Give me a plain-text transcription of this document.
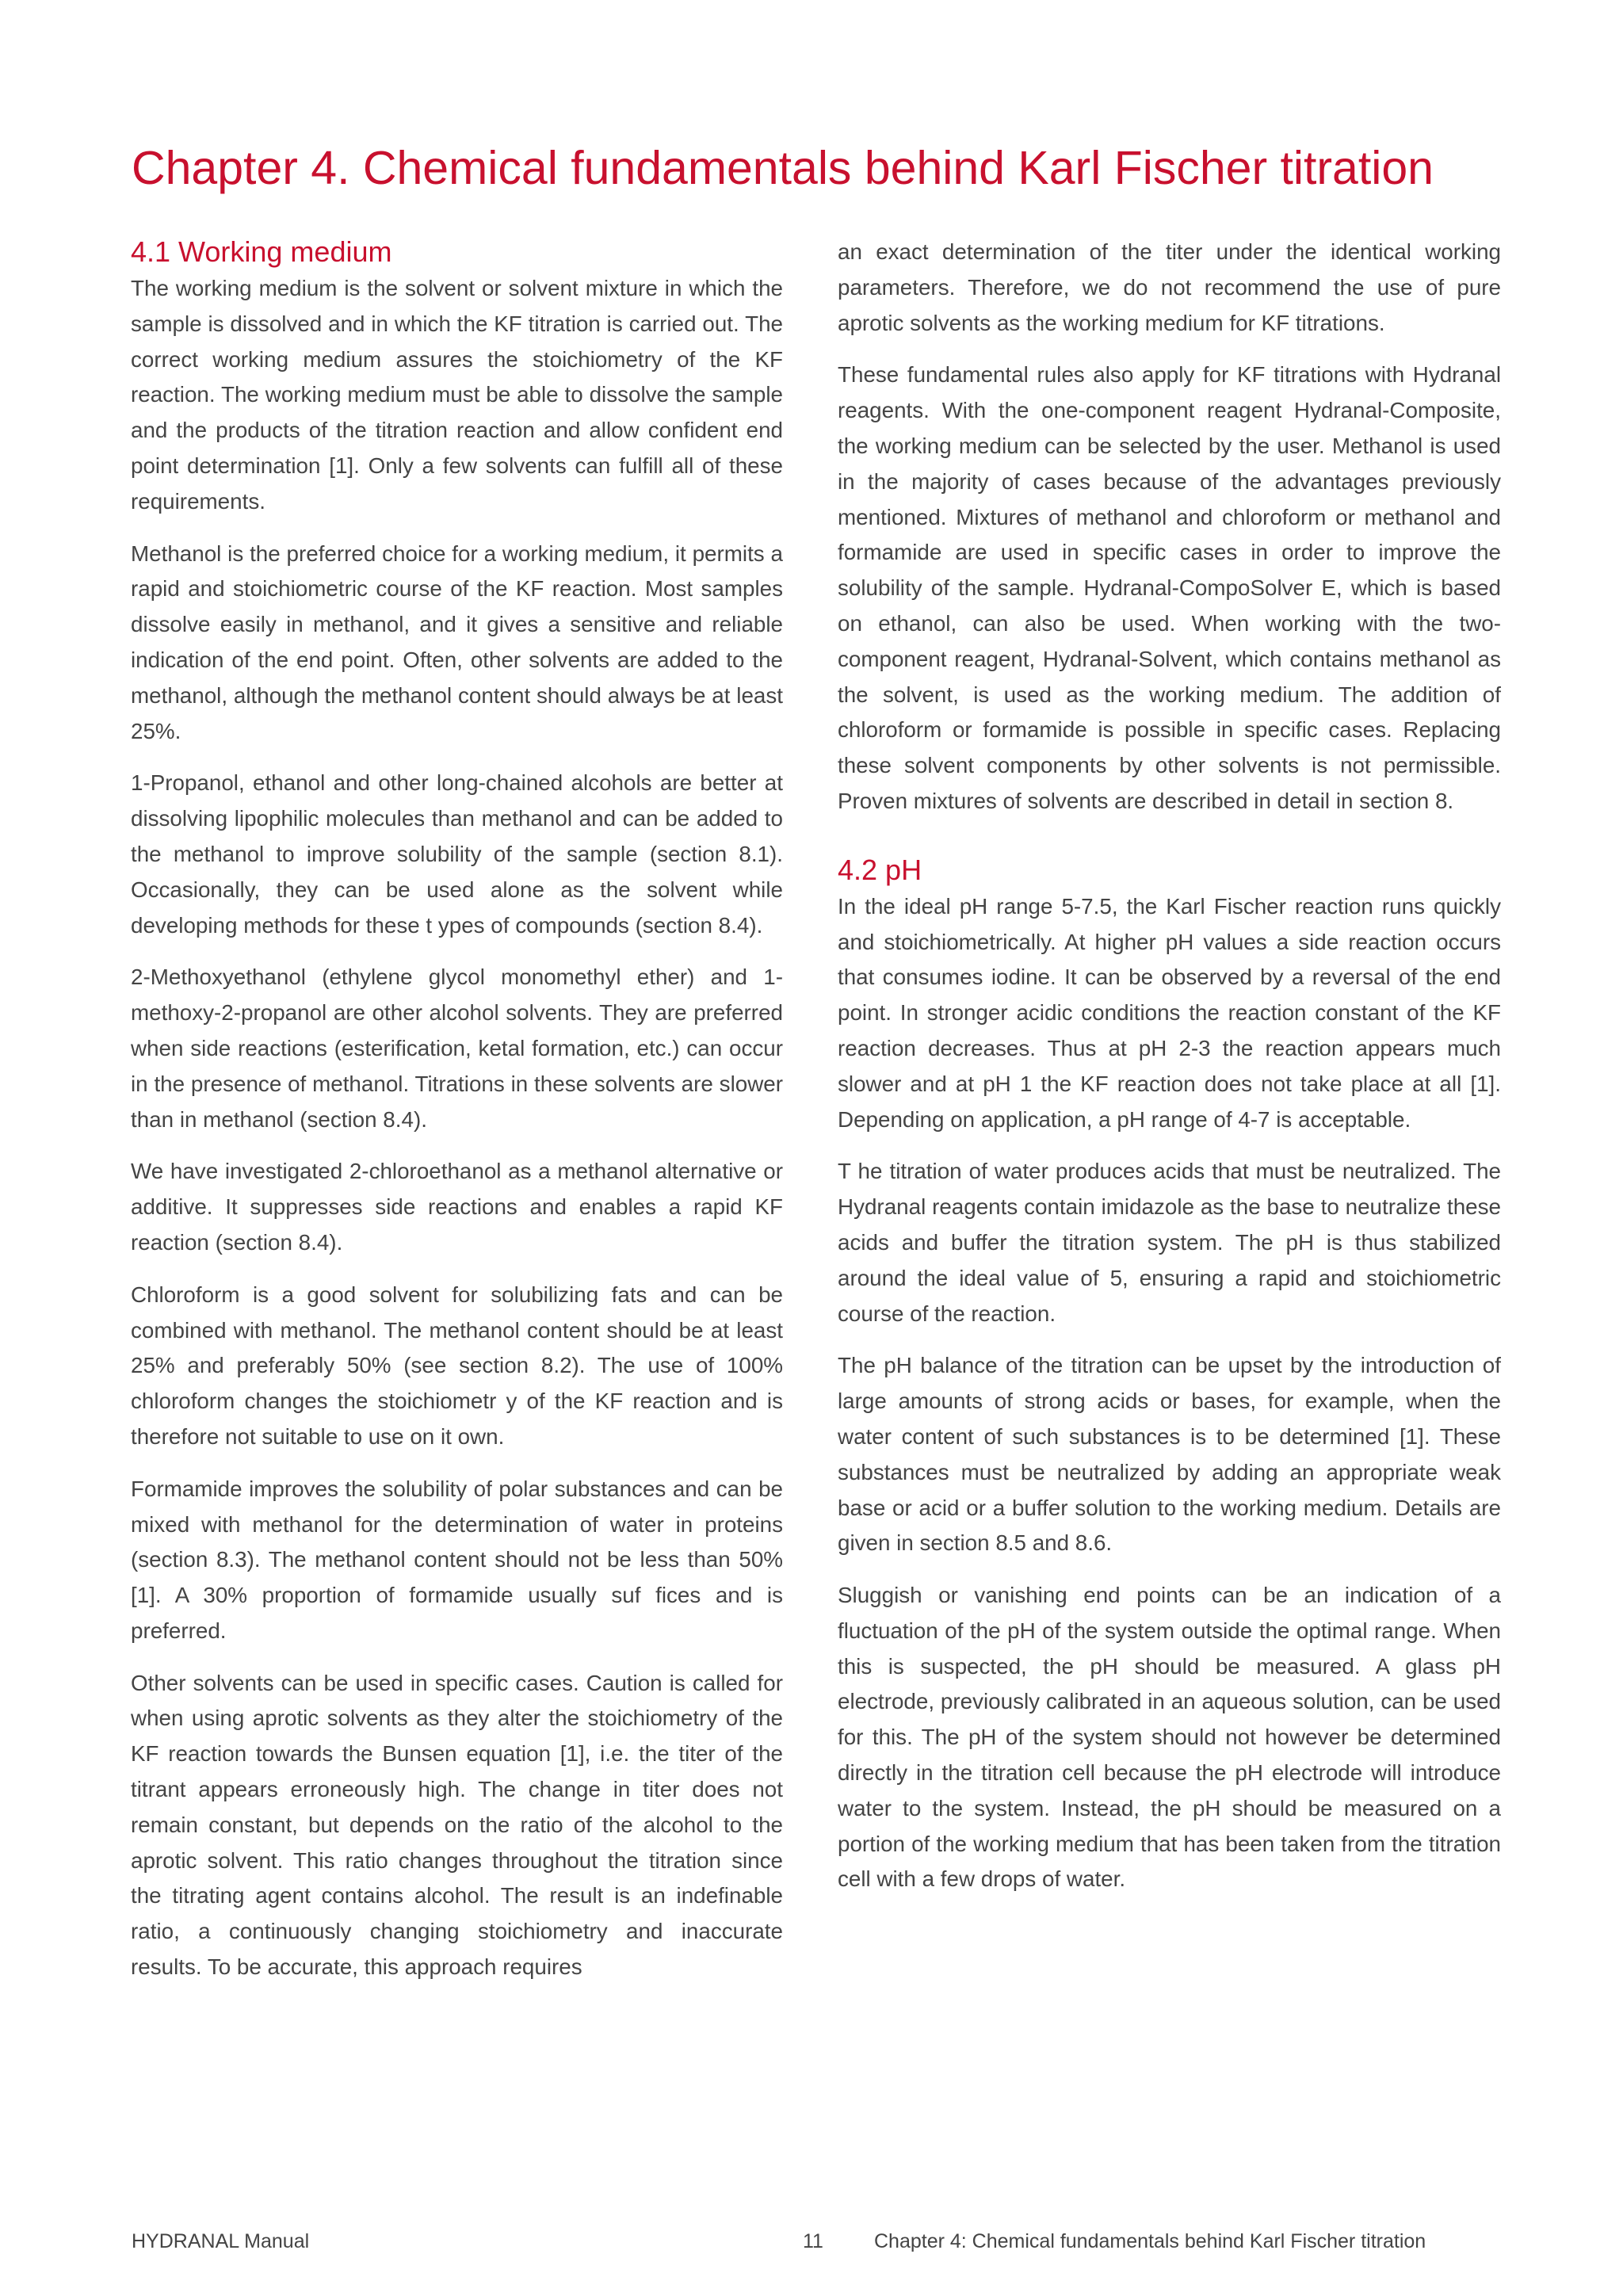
Chapter 4. Chemical fundamentals behind Karl Fischer titration
4.1 Working medium

The working medium is the solvent or solvent mixture in which the sample is dissolved and in which the KF titration is carried out. The correct working medium assures the stoichiometry of the KF reaction. The working medium must be able to dissolve the sample and the products of the titration reaction and allow confident end point determination [1]. Only a few solvents can fulfill all of these requirements.

Methanol is the preferred choice for a working medium, it permits a rapid and stoichiometric course of the KF reaction. Most samples dissolve easily in methanol, and it gives a sensitive and reliable indication of the end point. Often, other solvents are added to the methanol, although the methanol content should always be at least 25%.

1-Propanol, ethanol and other long-chained alcohols are better at dissolving lipophilic molecules than methanol and can be added to the methanol to improve solubility of the sample (section 8.1). Occasionally, they can be used alone as the solvent while developing methods for these t ypes of compounds (section 8.4).

2-Methoxyethanol (ethylene glycol monomethyl ether) and 1-methoxy-2-propanol are other alcohol solvents. They are preferred when side reactions (esterification, ketal formation, etc.) can occur in the presence of methanol. Titrations in these solvents are slower than in methanol (section 8.4).

We have investigated 2-chloroethanol as a methanol alternative or additive. It suppresses side reactions and enables a rapid KF reaction (section 8.4).

Chloroform is a good solvent for solubilizing fats and can be combined with methanol. The methanol content should be at least 25% and preferably 50% (see section 8.2). The use of 100% chloroform changes the stoichiometr y of the KF reaction and is therefore not suitable to use on it own.

Formamide improves the solubility of polar substances and can be mixed with methanol for the determination of water in proteins (section 8.3). The methanol content should not be less than 50% [1]. A 30% proportion of formamide usually suf fices and is preferred.

Other solvents can be used in specific cases. Caution is called for when using aprotic solvents as they alter the stoichiometry of the KF reaction towards the Bunsen equation [1], i.e. the titer of the titrant appears erroneously high. The change in titer does not remain constant, but depends on the ratio of the alcohol to the aprotic solvent. This ratio changes throughout the titration since the titrating agent contains alcohol. The result is an indefinable ratio, a continuously changing stoichiometry and inaccurate results. To be accurate, this approach requires

an exact determination of the titer under the identical working parameters. Therefore, we do not recommend the use of pure aprotic solvents as the working medium for KF titrations.

These fundamental rules also apply for KF titrations with Hydranal reagents. With the one-component reagent Hydranal-Composite, the working medium can be selected by the user. Methanol is used in the majority of cases because of the advantages previously mentioned. Mixtures of methanol and chloroform or methanol and formamide are used in specific cases in order to improve the solubility of the sample. Hydranal-CompoSolver E, which is based on ethanol, can also be used. When working with the two-component reagent, Hydranal-Solvent, which contains methanol as the solvent, is used as the working medium. The addition of chloroform or formamide is possible in specific cases. Replacing these solvent components by other solvents is not permissible. Proven mixtures of solvents are described in detail in section 8.

4.2 pH

In the ideal pH range 5-7.5, the Karl Fischer reaction runs quickly and stoichiometrically. At higher pH values a side reaction occurs that consumes iodine. It can be observed by a reversal of the end point. In stronger acidic conditions the reaction constant of the KF reaction decreases. Thus at pH 2-3 the reaction appears much slower and at pH 1 the KF reaction does not take place at all [1]. Depending on application, a pH range of 4-7 is acceptable.

T he titration of water produces acids that must be neutralized. The Hydranal reagents contain imidazole as the base to neutralize these acids and buffer the titration system. The pH is thus stabilized around the ideal value of 5, ensuring a rapid and stoichiometric course of the reaction.

The pH balance of the titration can be upset by the introduction of large amounts of strong acids or bases, for example, when the water content of such substances is to be determined [1]. These substances must be neutralized by adding an appropriate weak base or acid or a buffer solution to the working medium. Details are given in section 8.5 and 8.6.

Sluggish or vanishing end points can be an indication of a fluctuation of the pH of the system outside the optimal range. When this is suspected, the pH should be measured. A glass pH electrode, previously calibrated in an aqueous solution, can be used for this. The pH of the system should not however be determined directly in the titration cell because the pH electrode will introduce water to the system. Instead, the pH should be measured on a portion of the working medium that has been taken from the titration cell with a few drops of water.

HYDRANAL Manual	11	Chapter 4: Chemical fundamentals behind Karl Fischer titration
